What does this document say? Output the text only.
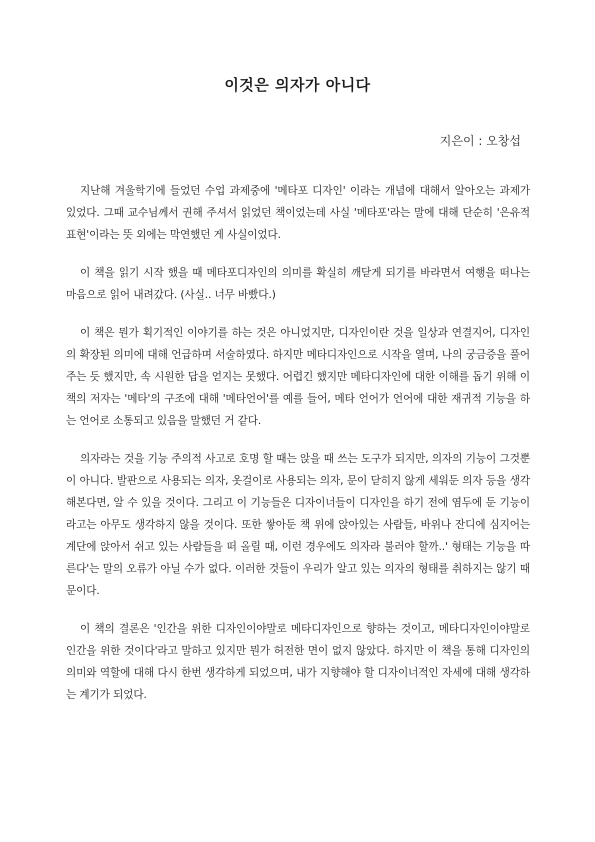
이것은 의자가 아니다
지은이 : 오창섭

지난해 겨울학기에 들었던 수업 과제중에 '메타포 디자인' 이라는 개념에 대해서 알아오는 과제가 있었다. 그때 교수님께서 권해 주셔서 읽었던 책이었는데 사실 '메타포'라는 말에 대해 단순히 '은유적 표현'이라는 뜻 외에는 막연했던 게 사실이었다.

이 책을 읽기 시작 했을 때 메타포디자인의 의미를 확실히 깨닫게 되기를 바라면서 여행을 떠나는 마음으로 읽어 내려갔다. (사실.. 너무 바빴다.)

이 책은 뭔가 획기적인 이야기를 하는 것은 아니었지만, 디자인이란 것을 일상과 연결지어, 디자인의 확장된 의미에 대해 언급하며 서술하였다. 하지만 메타디자인으로 시작을 열며, 나의 궁금증을 풀어 주는 듯 했지만, 속 시원한 답을 얻지는 못했다. 어렵긴 했지만 메타디자인에 대한 이해를 돕기 위해 이 책의 저자는 '메타'의 구조에 대해 '메타언어'를 예를 들어, 메타 언어가 언어에 대한 재귀적 기능을 하는 언어로 소통되고 있음을 말했던 거 같다.

의자라는 것을 기능 주의적 사고로 호명 할 때는 앉을 때 쓰는 도구가 되지만, 의자의 기능이 그것뿐이 아니다. 발판으로 사용되는 의자, 옷걸이로 사용되는 의자, 문이 닫히지 않게 세워둔 의자 등을 생각해본다면, 알 수 있을 것이다. 그리고 이 기능들은 디자이너들이 디자인을 하기 전에 염두에 둔 기능이라고는 아무도 생각하지 않을 것이다. 또한 쌓아둔 책 위에 앉아있는 사람들, 바위나 잔디에 심지어는 계단에 앉아서 쉬고 있는 사람들을 떠 올릴 때, 이런 경우에도 의자라 불러야 할까..' 형태는 기능을 따른다'는 말의 오류가 아닐 수가 없다. 이러한 것들이 우리가 알고 있는 의자의 형태를 취하지는 않기 때문이다.

이 책의 결론은 '인간을 위한 디자인이야말로 메타디자인으로 향하는 것이고, 메타디자인이야말로 인간을 위한 것이다'라고 말하고 있지만 뭔가 허전한 면이 없지 않았다. 하지만 이 책을 통해 디자인의 의미와 역할에 대해 다시 한번 생각하게 되었으며, 내가 지향해야 할 디자이너적인 자세에 대해 생각하는 계기가 되었다.
